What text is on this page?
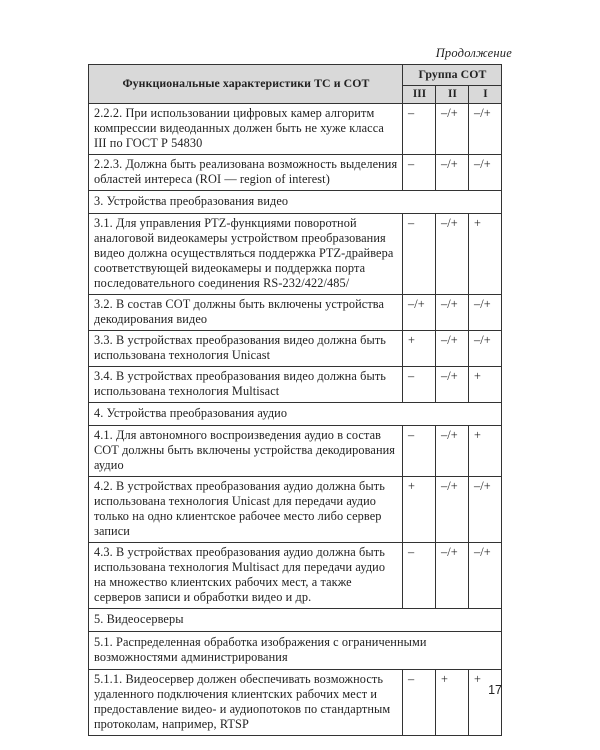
Продолжение
Функциональные характеристики ТС и СОТ	Группа СОТ		
	III	II	I
2.2.2. При использовании цифровых камер алгоритм компрессии видеоданных должен быть не хуже класса III по ГОСТ Р 54830	–	–/+	–/+
2.2.3. Должна быть реализована возможность выделения областей интереса (ROI — region of interest)	–	–/+	–/+
3. Устройства преобразования видео			
3.1. Для управления PTZ-функциями поворотной аналоговой видеокамеры устройством преобразования видео должна осуществляться поддержка PTZ-драйвера соответствующей видеокамеры и поддержка порта последовательного соединения RS-232/422/485/	–	–/+	+
3.2. В состав СОТ должны быть включены устройства декодирования видео	–/+	–/+	–/+
3.3. В устройствах преобразования видео должна быть использована технология Unicast	+	–/+	–/+
3.4. В устройствах преобразования видео должна быть использована технология Multisact	–	–/+	+
4. Устройства преобразования аудио			
4.1. Для автономного воспроизведения аудио в состав СОТ должны быть включены устройства декодирования аудио	–	–/+	+
4.2. В устройствах преобразования аудио должна быть использована технология Unicast для передачи аудио только на одно клиентское рабочее место либо сервер записи	+	–/+	–/+
4.3. В устройствах преобразования аудио должна быть использована технология Multisact для передачи аудио на множество клиентских рабочих мест, а также серверов записи и обработки видео и др.	–	–/+	–/+
5. Видеосерверы			
5.1. Распределенная обработка изображения с ограниченными возможностями администрирования			
5.1.1. Видеосервер должен обеспечивать возможность удаленного подключения клиентских рабочих мест и предоставление видео- и аудиопотоков по стандартным протоколам, например, RTSP	–	+	+
17
